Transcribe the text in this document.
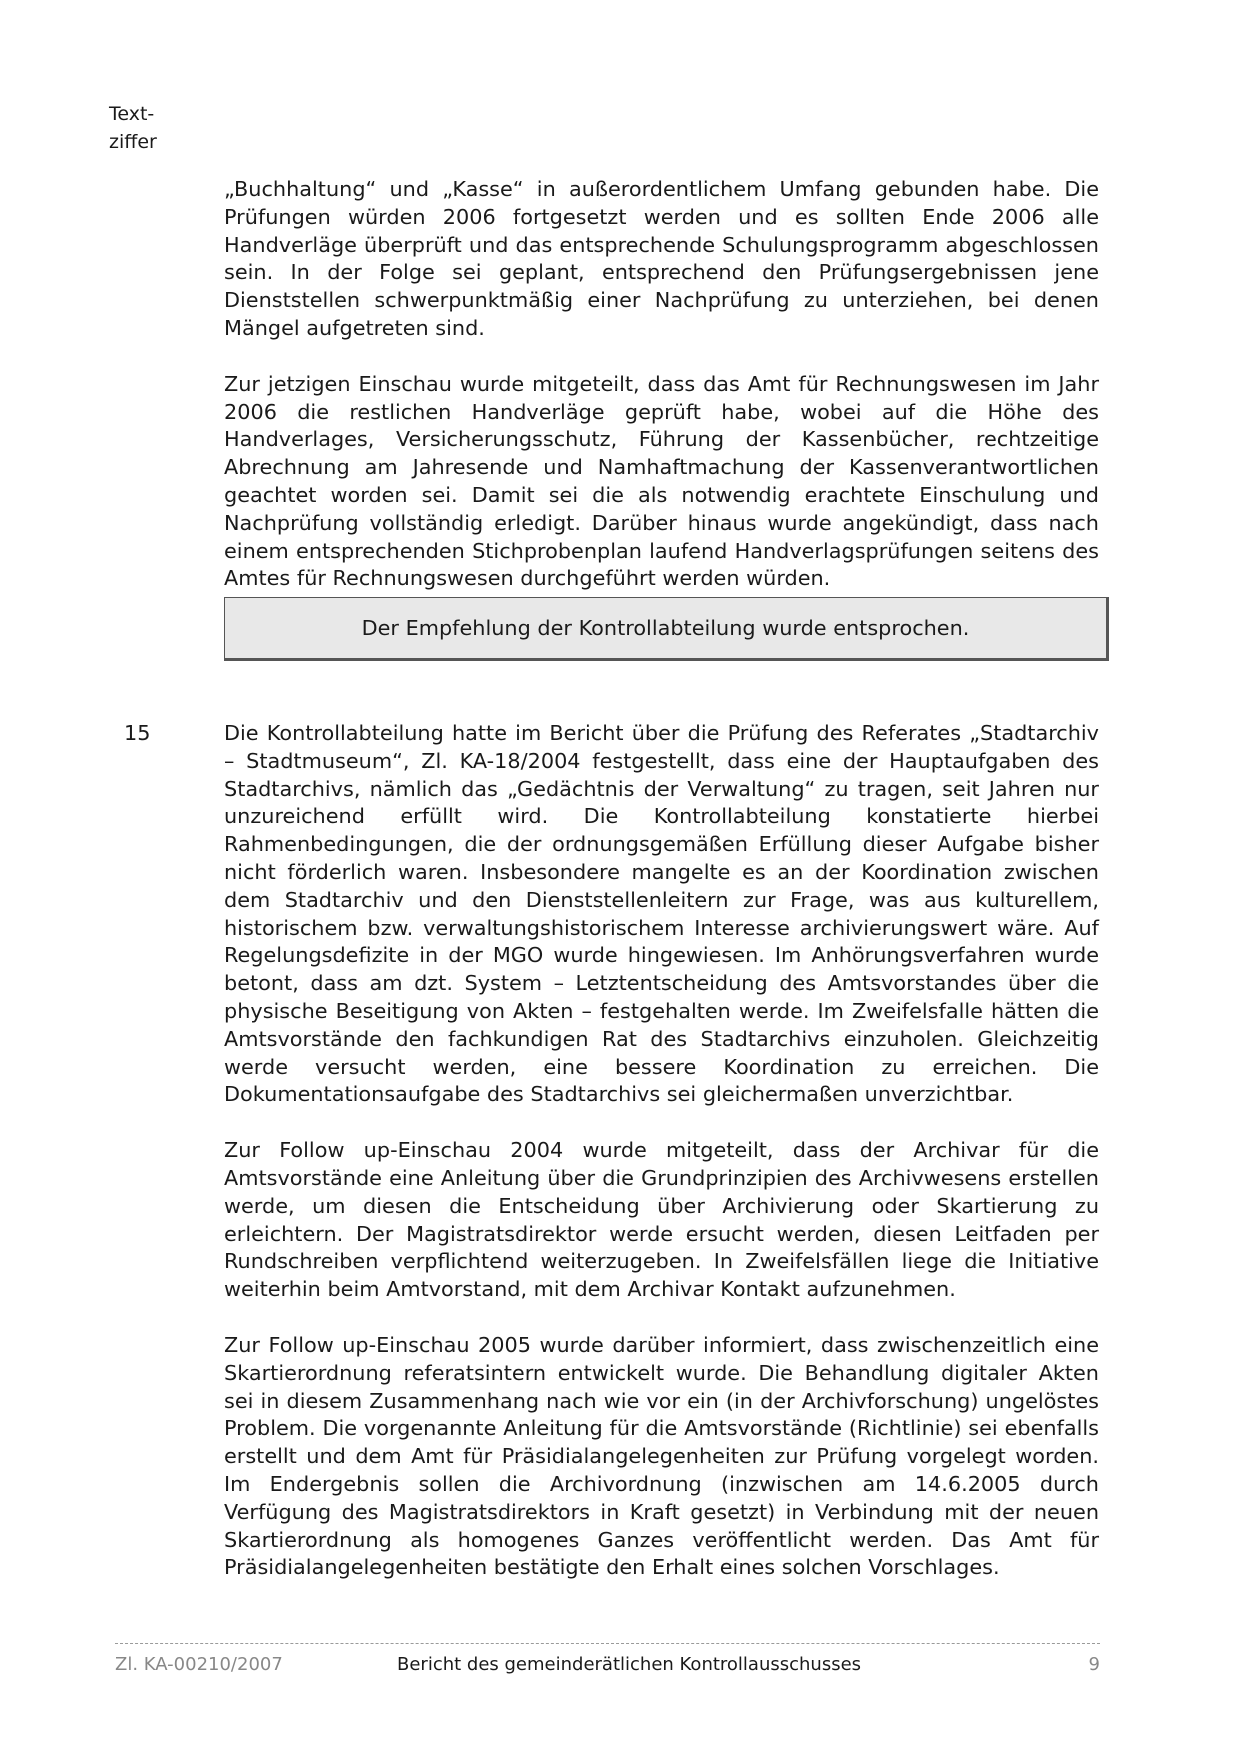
Text-
ziffer

„Buchhaltung“ und „Kasse“ in außerordentlichem Umfang gebunden habe. Die Prüfungen würden 2006 fortgesetzt werden und es sollten Ende 2006 alle Handverläge überprüft und das entsprechende Schulungsprogramm abgeschlossen sein. In der Folge sei geplant, entsprechend den Prüfungsergebnissen jene Dienststellen schwerpunktmäßig einer Nachprüfung zu unterziehen, bei denen Mängel aufgetreten sind.

Zur jetzigen Einschau wurde mitgeteilt, dass das Amt für Rechnungswesen im Jahr 2006 die restlichen Handverläge geprüft habe, wobei auf die Höhe des Handverlages, Versicherungsschutz, Führung der Kassenbücher, rechtzeitige Abrechnung am Jahresende und Namhaftmachung der Kassenverantwortlichen geachtet worden sei. Damit sei die als notwendig erachtete Einschulung und Nachprüfung vollständig erledigt. Darüber hinaus wurde angekündigt, dass nach einem entsprechenden Stichprobenplan laufend Handverlagsprüfungen seitens des Amtes für Rechnungswesen durchgeführt werden würden.

Der Empfehlung der Kontrollabteilung wurde entsprochen.
15	Die Kontrollabteilung hatte im Bericht über die Prüfung des Referates „Stadtarchiv – Stadtmuseum“, Zl. KA-18/2004 festgestellt, dass eine der Hauptaufgaben des Stadtarchivs, nämlich das „Gedächtnis der Verwaltung“ zu tragen, seit Jahren nur unzureichend erfüllt wird. Die Kontrollabteilung konstatierte hierbei Rahmenbedingungen, die der ordnungsgemäßen Erfüllung dieser Aufgabe bisher nicht förderlich waren. Insbesondere mangelte es an der Koordination zwischen dem Stadtarchiv und den Dienststellenleitern zur Frage, was aus kulturellem, historischem bzw. verwaltungshistorischem Interesse archivierungswert wäre. Auf Regelungsdefizite in der MGO wurde hingewiesen. Im Anhörungsverfahren wurde betont, dass am dzt. System – Letztentscheidung des Amtsvorstandes über die physische Beseitigung von Akten – festgehalten werde. Im Zweifelsfalle hätten die Amtsvorstände den fachkundigen Rat des Stadtarchivs einzuholen. Gleichzeitig werde versucht werden, eine bessere Koordination zu erreichen. Die Dokumentationsaufgabe des Stadtarchivs sei gleichermaßen unverzichtbar.

Zur Follow up-Einschau 2004 wurde mitgeteilt, dass der Archivar für die Amtsvorstände eine Anleitung über die Grundprinzipien des Archivwesens erstellen werde, um diesen die Entscheidung über Archivierung oder Skartierung zu erleichtern. Der Magistratsdirektor werde ersucht werden, diesen Leitfaden per Rundschreiben verpflichtend weiterzugeben. In Zweifelsfällen liege die Initiative weiterhin beim Amtvorstand, mit dem Archivar Kontakt aufzunehmen.

Zur Follow up-Einschau 2005 wurde darüber informiert, dass zwischenzeitlich eine Skartierordnung referatsintern entwickelt wurde. Die Behandlung digitaler Akten sei in diesem Zusammenhang nach wie vor ein (in der Archivforschung) ungelöstes Problem. Die vorgenannte Anleitung für die Amtsvorstände (Richtlinie) sei ebenfalls erstellt und dem Amt für Präsidialangelegenheiten zur Prüfung vorgelegt worden. Im Endergebnis sollen die Archivordnung (inzwischen am 14.6.2005 durch Verfügung des Magistratsdirektors in Kraft gesetzt) in Verbindung mit der neuen Skartierordnung als homogenes Ganzes veröffentlicht werden. Das Amt für Präsidialangelegenheiten bestätigte den Erhalt eines solchen Vorschlages.

Zl. KA-00210/2007	Bericht des gemeinderätlichen Kontrollausschusses	9
